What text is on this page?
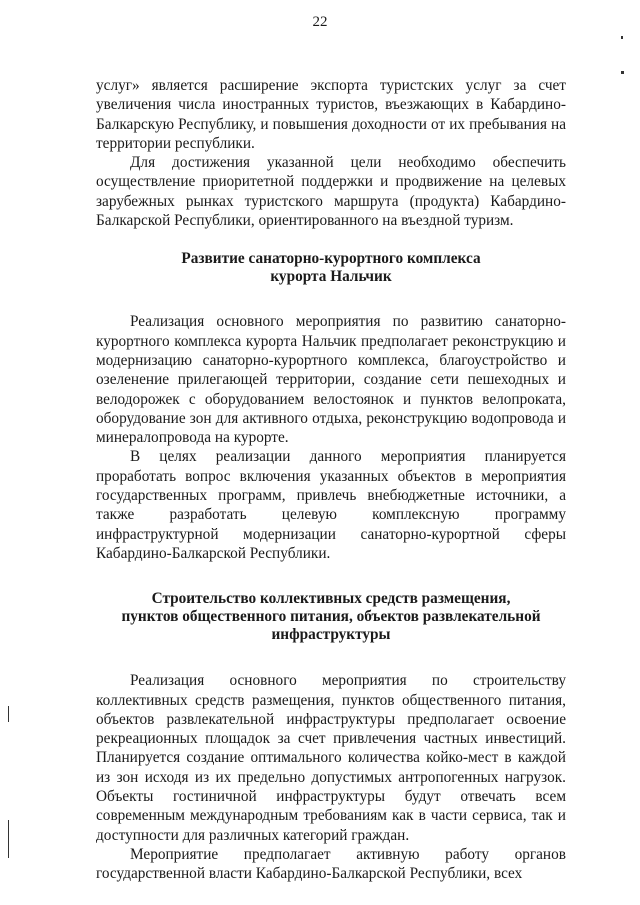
22

услуг» является расширение экспорта туристских услуг за счет увеличения числа иностранных туристов, въезжающих в Кабардино-Балкарскую Республику, и повышения доходности от их пребывания на территории республики.

Для достижения указанной цели необходимо обеспечить осуществление приоритетной поддержки и продвижение на целевых зарубежных рынках туристского маршрута (продукта) Кабардино-Балкарской Республики, ориентированного на въездной туризм.

Развитие санаторно-курортного комплекса
курорта Нальчик

Реализация основного мероприятия по развитию санаторно-курортного комплекса курорта Нальчик предполагает реконструкцию и модернизацию санаторно-курортного комплекса, благоустройство и озеленение прилегающей территории, создание сети пешеходных и велодорожек с оборудованием велостоянок и пунктов велопроката, оборудование зон для активного отдыха, реконструкцию водопровода и минералопровода на курорте.

В целях реализации данного мероприятия планируется проработать вопрос включения указанных объектов в мероприятия государственных программ, привлечь внебюджетные источники, а также разработать целевую комплексную программу инфраструктурной модернизации санаторно-курортной сферы Кабардино-Балкарской Республики.

Строительство коллективных средств размещения,
пунктов общественного питания, объектов развлекательной
инфраструктуры

Реализация основного мероприятия по строительству коллективных средств размещения, пунктов общественного питания, объектов развлекательной инфраструктуры предполагает освоение рекреационных площадок за счет привлечения частных инвестиций. Планируется создание оптимального количества койко-мест в каждой из зон исходя из их предельно допустимых антропогенных нагрузок. Объекты гостиничной инфраструктуры будут отвечать всем современным международным требованиям как в части сервиса, так и доступности для различных категорий граждан.

Мероприятие предполагает активную работу органов государственной власти Кабардино-Балкарской Республики, всех
